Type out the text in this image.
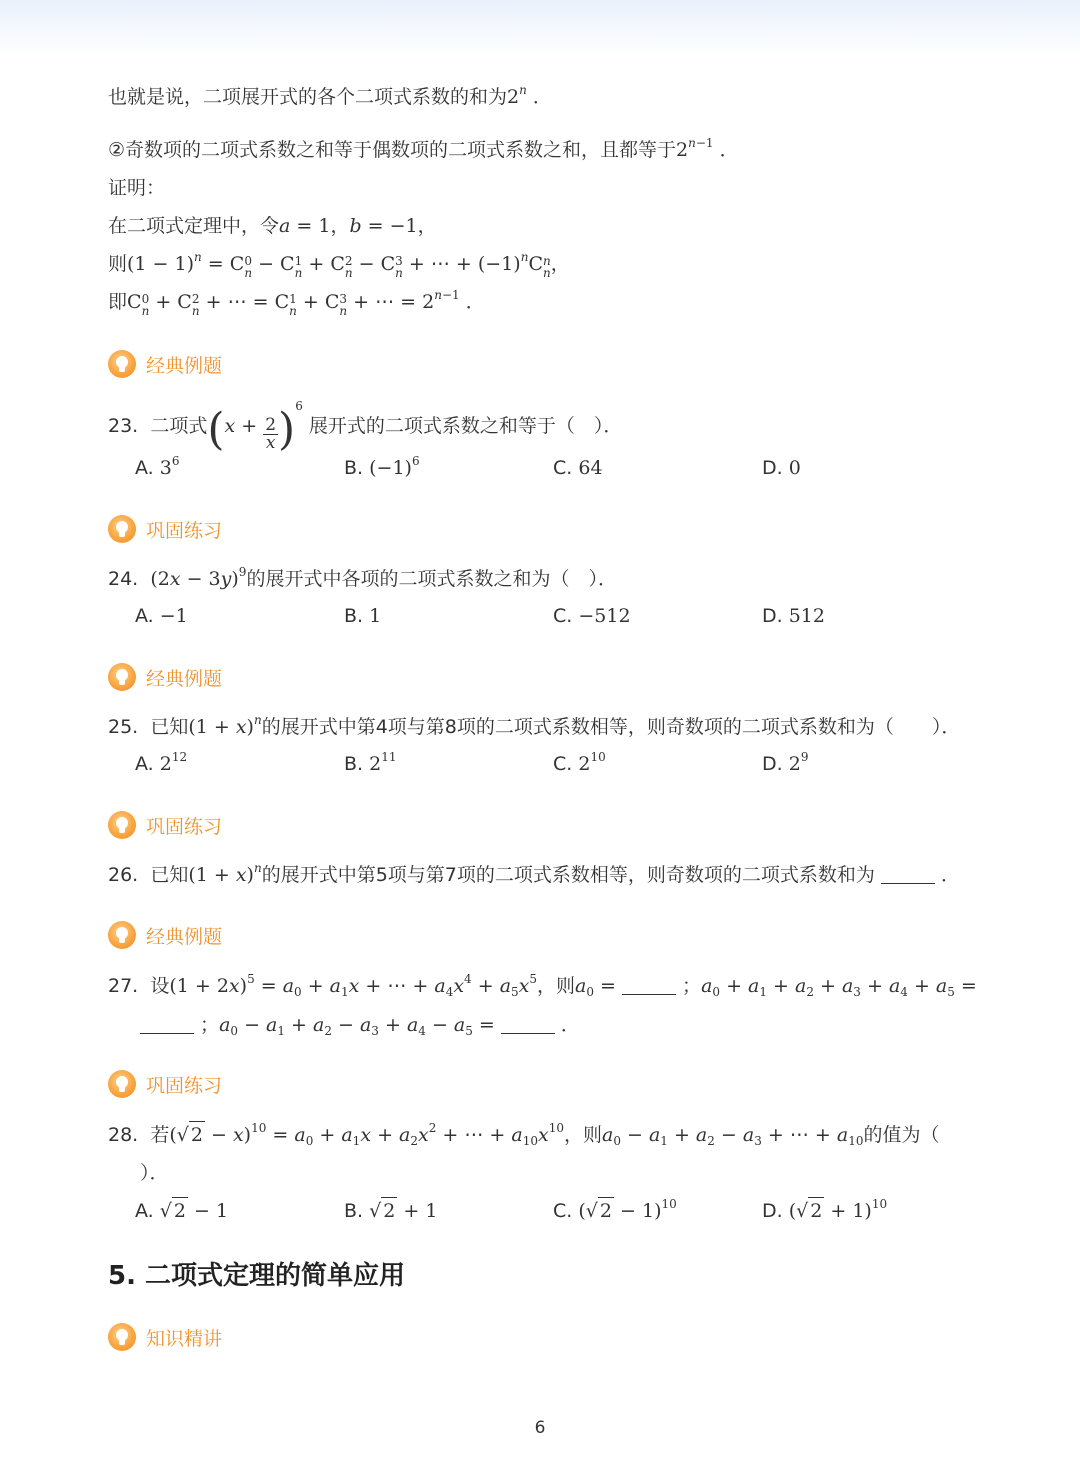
也就是说，二项展开式的各个二项式系数的和为2$^n$ ．
②奇数项的二项式系数之和等于偶数项的二项式系数之和，且都等于$2^{n-1}$ ．
证明：
在二项式定理中，令a = 1，b = −1，
则$(1 - 1)^n = C$ 0
n − C 1
n + C 2
n − C 3
n + ⋯ + $(-1)^nC$ n
n ，
即C 0
n + C 2
n + ⋯ = C 1
n + C 3
n + ⋯ = $2^{n-1}$ ．
经典例题
23. 二项式$(x + \frac{2}{x} )^6$ 展开式的二项式系数之和等于（　）．
A. $3^6$	B. $(-1)^6$	C. 64	D. 0
巩固练习
24. $(2x - 3y)^9$的展开式中各项的二项式系数之和为（　）．
A. −1	B. 1	C. −512	D. 512
经典例题
25. 已知$(1 + x)^n$的展开式中第4项与第8项的二项式系数相等，则奇数项的二项式系数和为（　　）．
A. $2^{12}$	B. $2^{11}$	C. $2^{10}$	D. $2^9$
巩固练习
26. 已知$(1 + x)^n$的展开式中第5项与第7项的二项式系数相等，则奇数项的二项式系数和为	．
经典例题
27. 设$(1 + 2x)^5 = a_0 + a_1x$ + ⋯ + $a_4x^4 + a_5x^5$，则$a_0$ =	；$a_0 + a_1 + a_2 + a_3 + a_4 + a_5$ =
；$a_0 - a_1 + a_2 - a_3 + a_4 - a_5$ =	．
巩固练习
28. 若(√ $2 - x)^{10} = a_0 + a_1x + a_2x^2$ + ⋯ + $a_{10}x^{10}$，则$a_0 - a_1 + a_2 - a_3$ + ⋯ + $a_{10}$的值为（
）．
A. √ 2 − 1	B. √ 2 + 1	C. (√ 2 − 1)$^{10}$	D. (√ 2 + 1)$^{10}$
5. 二项式定理的简单应用
知识精讲
6
